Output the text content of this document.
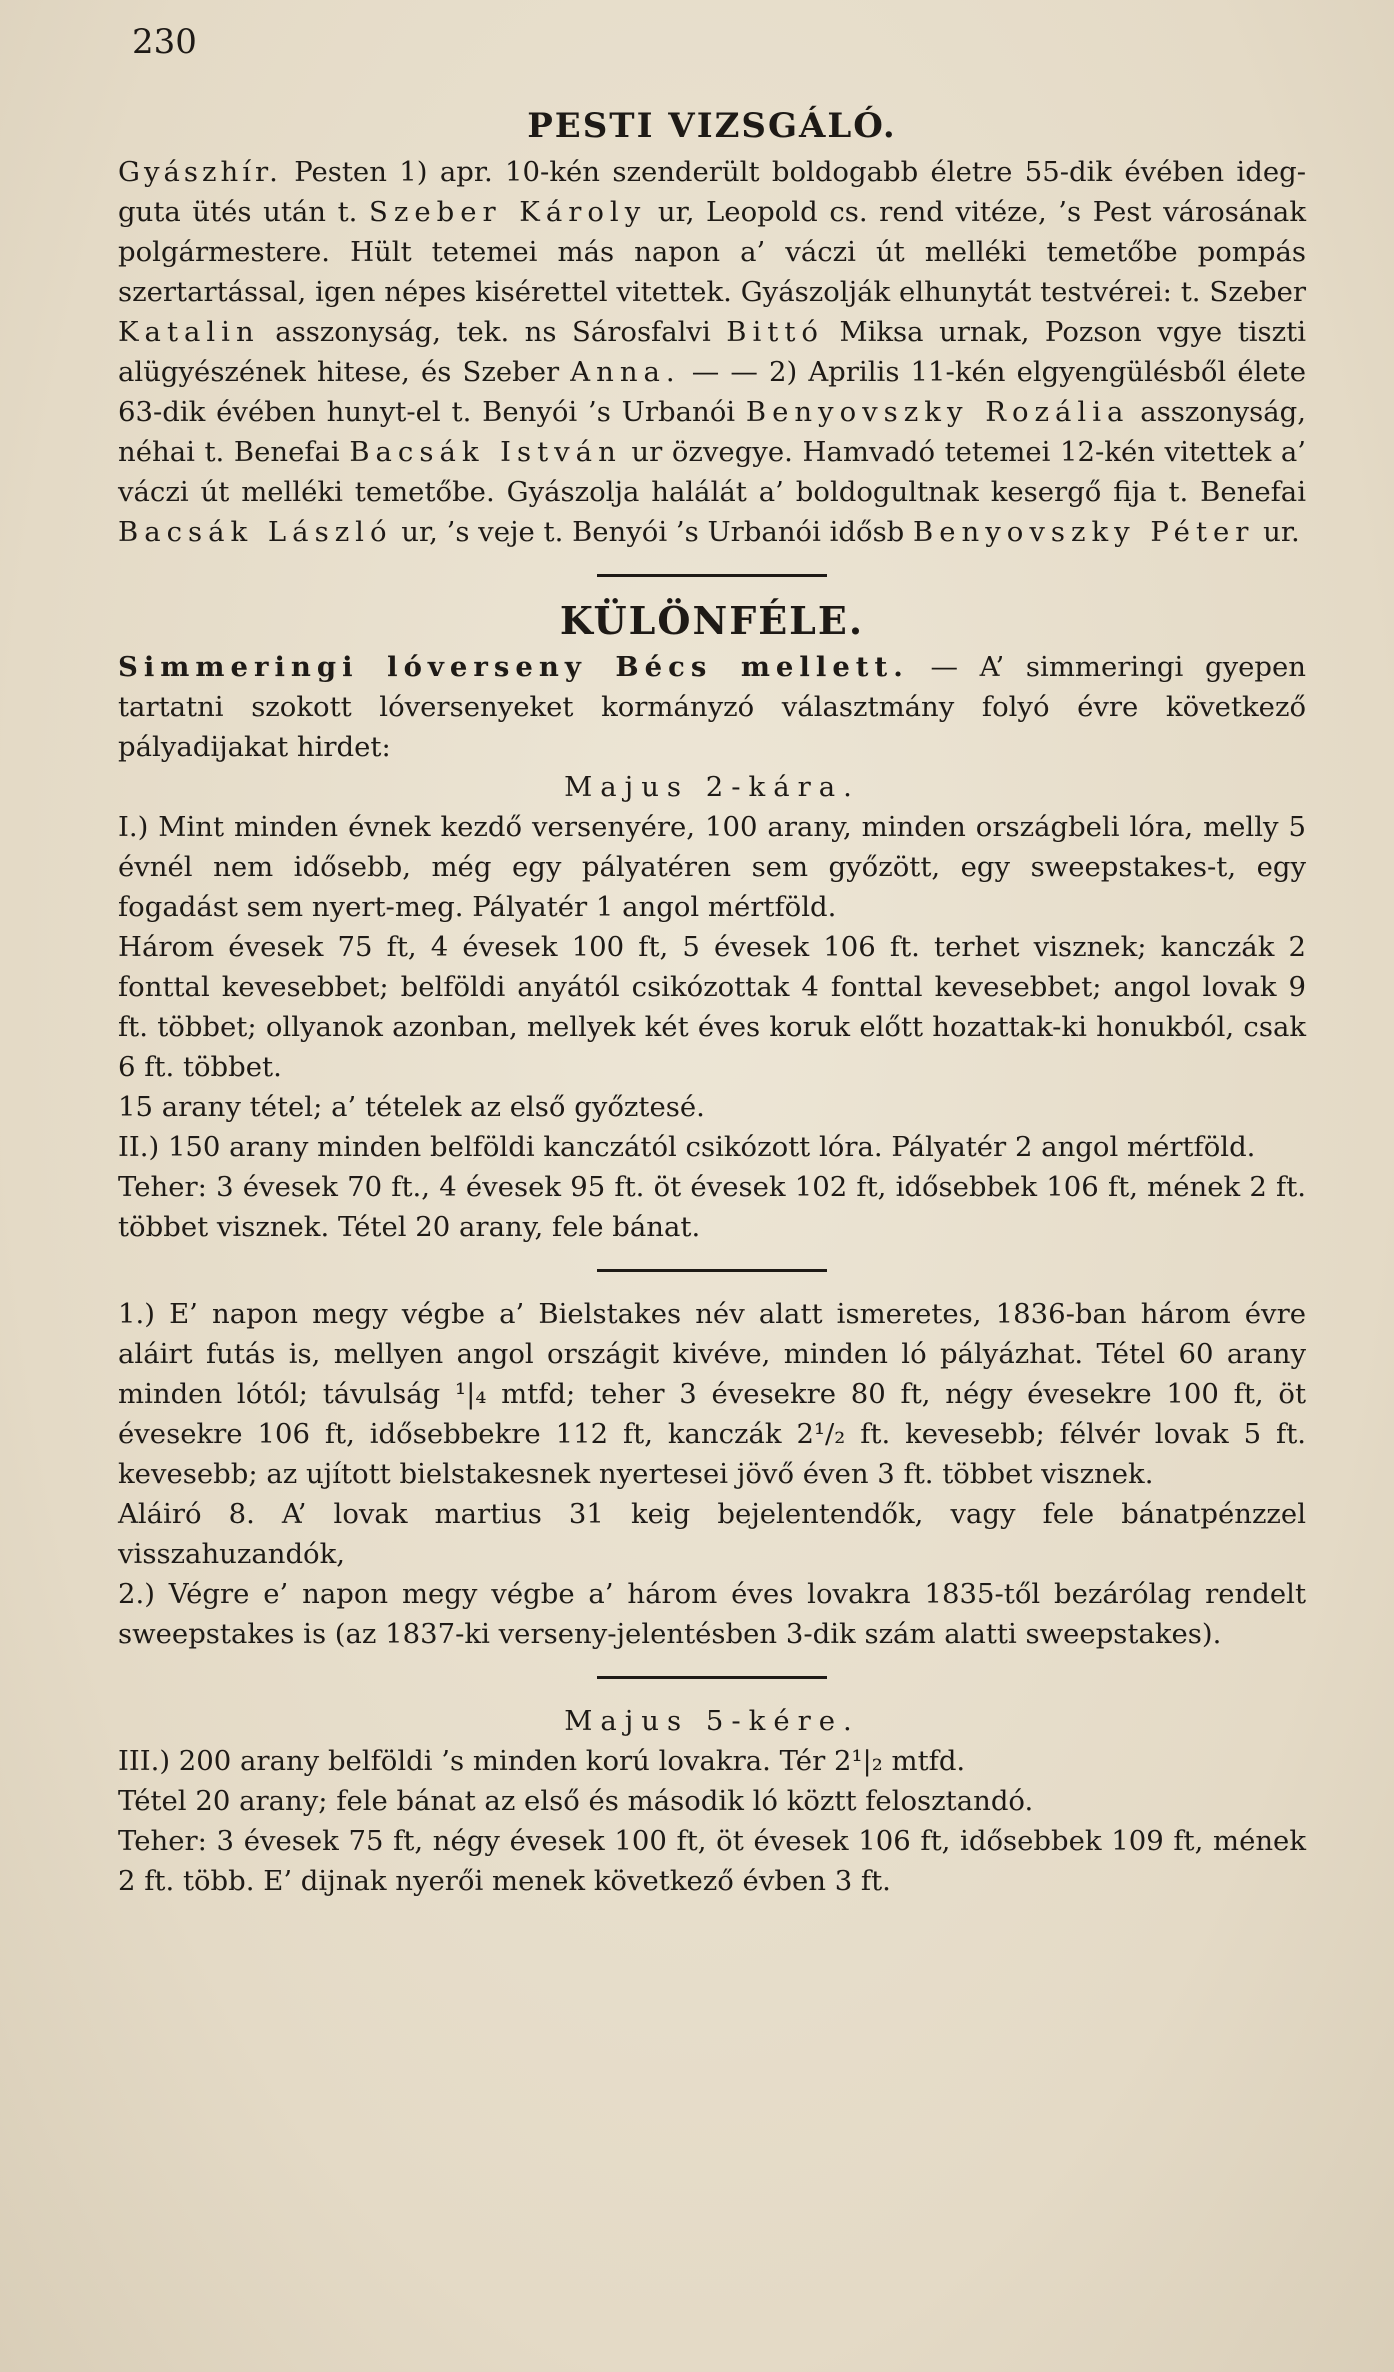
230
PESTI VIZSGÁLÓ.

Gyászhír. Pesten 1) apr. 10-kén szenderült boldogabb életre 55-dik évében ideg-guta ütés után t. Szeber Károly ur, Leopold cs. rend vitéze, ’s Pest városának polgármestere. Hült tetemei más napon a’ váczi út melléki temetőbe pompás szertartással, igen népes kisérettel vitettek. Gyászolják elhunytát testvérei: t. Szeber Katalin asszonyság, tek. ns Sárosfalvi Bittó Miksa urnak, Pozson vgye tiszti alügyészének hitese, és Szeber Anna. — — 2) Aprilis 11-kén elgyengülésből élete 63-dik évében hunyt-el t. Benyói ’s Urbanói Benyovszky Rozália asszonyság, néhai t. Benefai Bacsák István ur özvegye. Hamvadó tetemei 12-kén vitettek a’ váczi út melléki temetőbe. Gyászolja halálát a’ boldogultnak kesergő fija t. Benefai Bacsák László ur, ’s veje t. Benyói ’s Urbanói idősb Benyovszky Péter ur.

KÜLÖNFÉLE.

Simmeringi lóverseny Bécs mellett. — A’ simmeringi gyepen tartatni szokott lóversenyeket kormányzó választmány folyó évre következő pályadijakat hirdet:

Majus 2-kára.

I.) Mint minden évnek kezdő versenyére, 100 arany, minden országbeli lóra, melly 5 évnél nem idősebb, még egy pályatéren sem győzött, egy sweepstakes-t, egy fogadást sem nyert-meg. Pályatér 1 angol mértföld.

Három évesek 75 ft, 4 évesek 100 ft, 5 évesek 106 ft. terhet visznek; kanczák 2 fonttal kevesebbet; belföldi anyától csikózottak 4 fonttal kevesebbet; angol lovak 9 ft. többet; ollyanok azonban, mellyek két éves koruk előtt hozattak-ki honukból, csak 6 ft. többet.

15 arany tétel; a’ tételek az első győztesé.

II.) 150 arany minden belföldi kanczától csikózott lóra. Pályatér 2 angol mértföld.

Teher: 3 évesek 70 ft., 4 évesek 95 ft. öt évesek 102 ft, idősebbek 106 ft, mének 2 ft. többet visznek. Tétel 20 arany, fele bánat.

1.) E’ napon megy végbe a’ Bielstakes név alatt ismeretes, 1836-ban három évre aláirt futás is, mellyen angol országit kivéve, minden ló pályázhat. Tétel 60 arany minden lótól; távulság ¹|₄ mtfd; teher 3 évesekre 80 ft, négy évesekre 100 ft, öt évesekre 106 ft, idősebbekre 112 ft, kanczák 2¹/₂ ft. kevesebb; félvér lovak 5 ft. kevesebb; az ujított bielstakesnek nyertesei jövő éven 3 ft. többet visznek.

Aláiró 8. A’ lovak martius 31 keig bejelentendők, vagy fele bánatpénzzel visszahuzandók,

2.) Végre e’ napon megy végbe a’ három éves lovakra 1835-től bezárólag rendelt sweepstakes is (az 1837-ki verseny-jelentésben 3-dik szám alatti sweepstakes).

Majus 5-kére.

III.) 200 arany belföldi ’s minden korú lovakra. Tér 2¹|₂ mtfd.

Tétel 20 arany; fele bánat az első és második ló köztt felosztandó.

Teher: 3 évesek 75 ft, négy évesek 100 ft, öt évesek 106 ft, idősebbek 109 ft, mének 2 ft. több. E’ dijnak nyerői menek következő évben 3 ft.
